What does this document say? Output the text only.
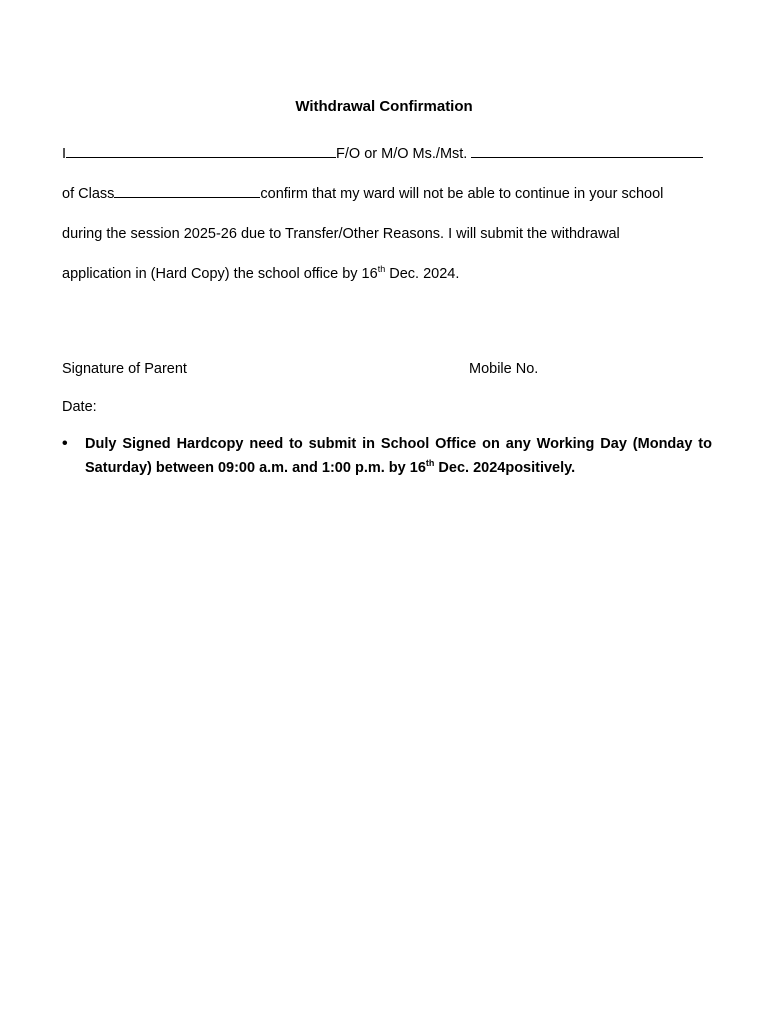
Withdrawal Confirmation
I	F/O or M/O Ms./Mst.
of Class	confirm that my ward will not be able to continue in your school
during the session 2025-26 due to Transfer/Other Reasons. I will submit the withdrawal
application in (Hard Copy) the school office by 16th Dec. 2024.
Signature of Parent	Mobile No.
Date:
• Duly Signed Hardcopy need to submit in School Office on any Working Day (Monday to Saturday) between 09:00 a.m. and 1:00 p.m. by 16th Dec. 2024positively.
